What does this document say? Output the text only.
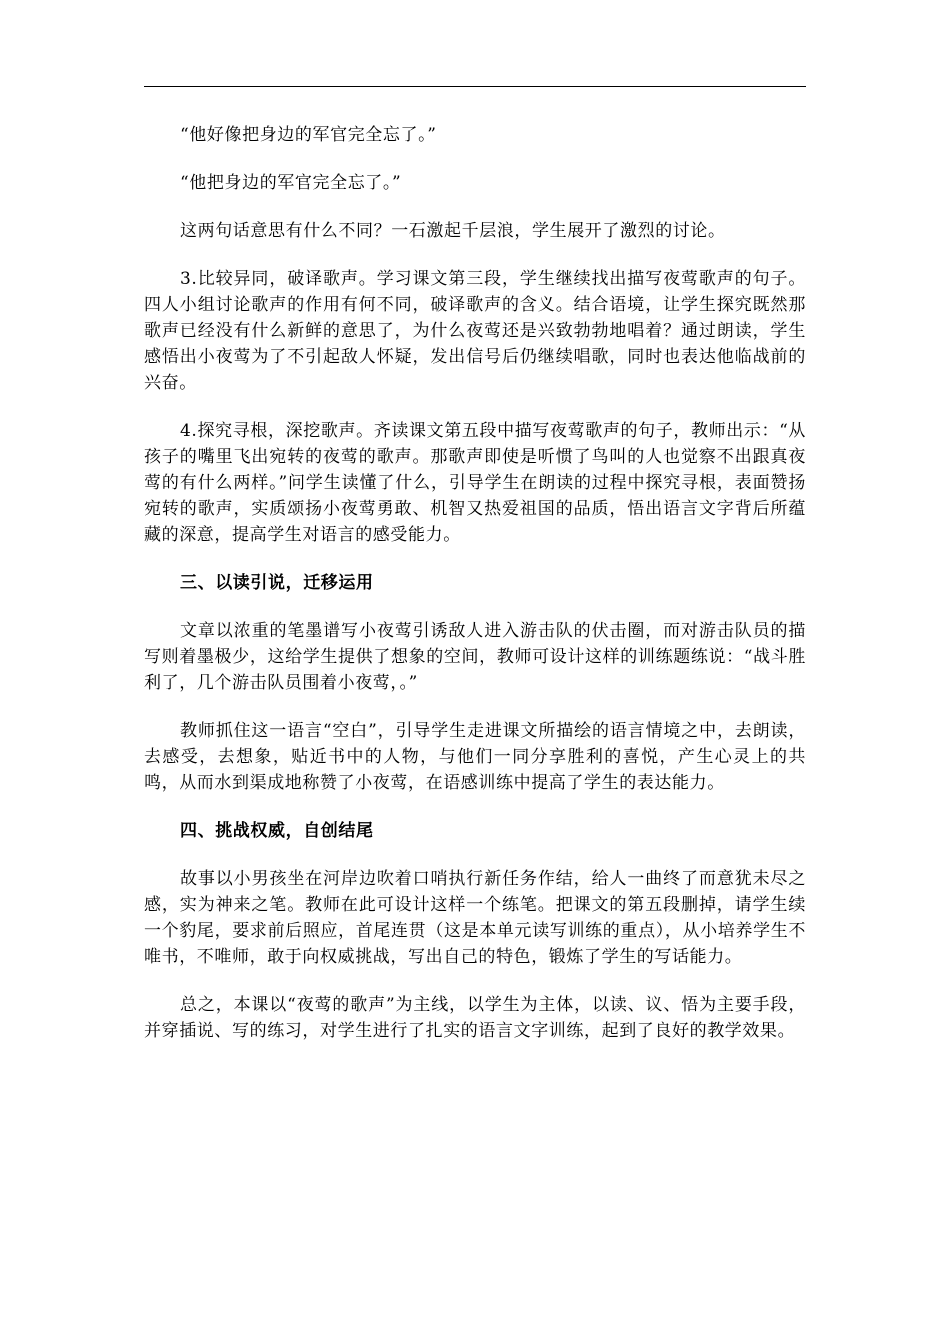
“他好像把身边的军官完全忘了。”

“他把身边的军官完全忘了。”

这两句话意思有什么不同？一石激起千层浪，学生展开了激烈的讨论。

3.比较异同，破译歌声。学习课文第三段，学生继续找出描写夜莺歌声的句子。四人小组讨论歌声的作用有何不同，破译歌声的含义。结合语境，让学生探究既然那歌声已经没有什么新鲜的意思了，为什么夜莺还是兴致勃勃地唱着？通过朗读，学生感悟出小夜莺为了不引起敌人怀疑，发出信号后仍继续唱歌，同时也表达他临战前的兴奋。

4.探究寻根，深挖歌声。齐读课文第五段中描写夜莺歌声的句子，教师出示：“从孩子的嘴里飞出宛转的夜莺的歌声。那歌声即使是听惯了鸟叫的人也觉察不出跟真夜莺的有什么两样。”问学生读懂了什么，引导学生在朗读的过程中探究寻根，表面赞扬宛转的歌声，实质颂扬小夜莺勇敢、机智又热爱祖国的品质，悟出语言文字背后所蕴藏的深意，提高学生对语言的感受能力。

三、以读引说，迁移运用

文章以浓重的笔墨谱写小夜莺引诱敌人进入游击队的伏击圈，而对游击队员的描写则着墨极少，这给学生提供了想象的空间，教师可设计这样的训练题练说：“战斗胜利了，几个游击队员围着小夜莺，。”

教师抓住这一语言“空白”，引导学生走进课文所描绘的语言情境之中，去朗读，去感受，去想象，贴近书中的人物，与他们一同分享胜利的喜悦，产生心灵上的共鸣，从而水到渠成地称赞了小夜莺，在语感训练中提高了学生的表达能力。

四、挑战权威，自创结尾

故事以小男孩坐在河岸边吹着口哨执行新任务作结，给人一曲终了而意犹未尽之感，实为神来之笔。教师在此可设计这样一个练笔。把课文的第五段删掉，请学生续一个豹尾，要求前后照应，首尾连贯（这是本单元读写训练的重点），从小培养学生不唯书，不唯师，敢于向权威挑战，写出自己的特色，锻炼了学生的写话能力。

总之，本课以“夜莺的歌声”为主线，以学生为主体，以读、议、悟为主要手段，并穿插说、写的练习，对学生进行了扎实的语言文字训练，起到了良好的教学效果。
